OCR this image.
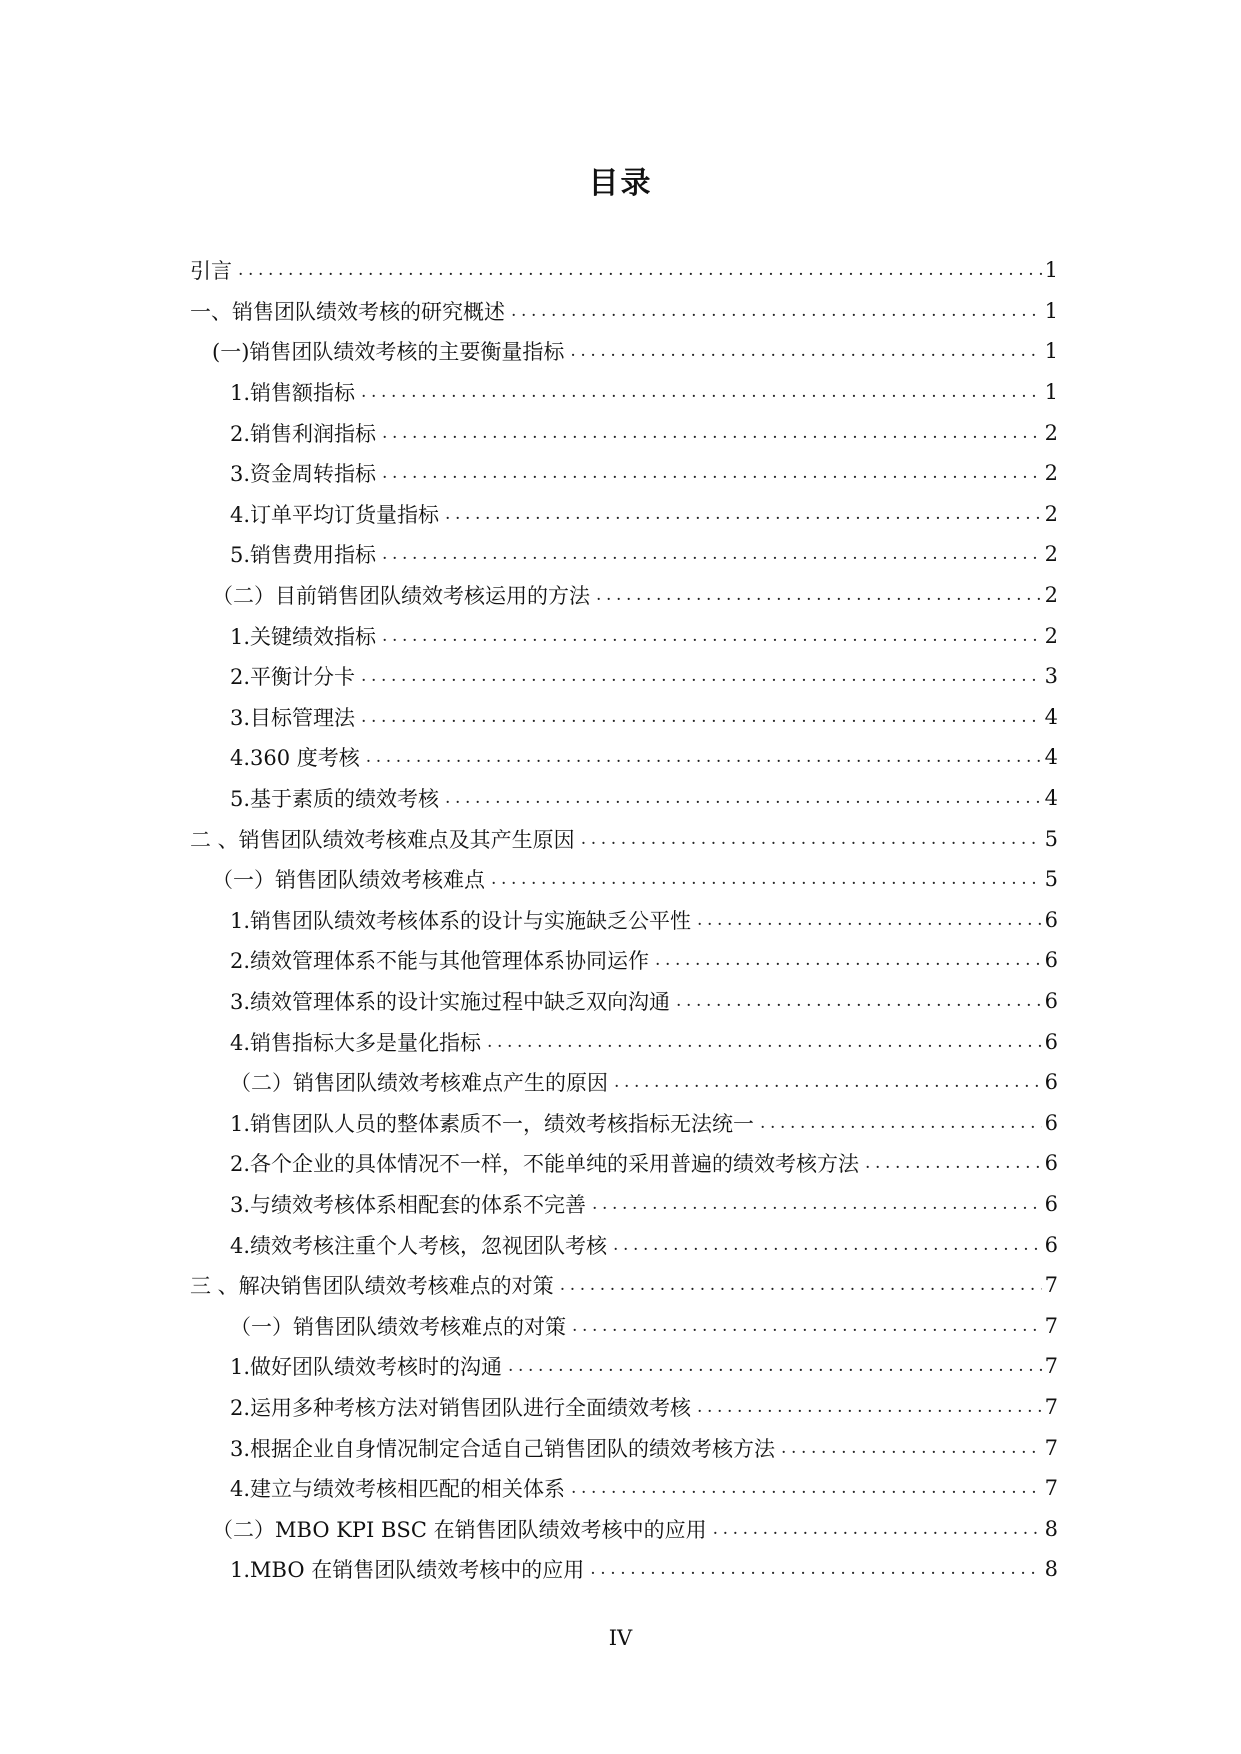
目录
引言 .....	1
一、销售团队绩效考核的研究概述 .....	1
(一)销售团队绩效考核的主要衡量指标 .....	1
1.销售额指标 .....	1
2.销售利润指标 .....	2
3.资金周转指标 .....	2
4.订单平均订货量指标 .....	2
5.销售费用指标 .....	2
（二）目前销售团队绩效考核运用的方法 .....	2
1.关键绩效指标 .....	2
2.平衡计分卡 .....	3
3.目标管理法 .....	4
4.360 度考核 .....	4
5.基于素质的绩效考核 .....	4
二 、销售团队绩效考核难点及其产生原因 .....	5
（一）销售团队绩效考核难点 .....	5
1.销售团队绩效考核体系的设计与实施缺乏公平性 .....	6
2.绩效管理体系不能与其他管理体系协同运作 .....	6
3.绩效管理体系的设计实施过程中缺乏双向沟通 .....	6
4.销售指标大多是量化指标 .....	6
（二）销售团队绩效考核难点产生的原因 .....	6
1.销售团队人员的整体素质不一，绩效考核指标无法统一 .....	6
2.各个企业的具体情况不一样，不能单纯的采用普遍的绩效考核方法 .....	6
3.与绩效考核体系相配套的体系不完善 .....	6
4.绩效考核注重个人考核，忽视团队考核 .....	6
三 、解决销售团队绩效考核难点的对策 .....	7
（一）销售团队绩效考核难点的对策 .....	7
1.做好团队绩效考核时的沟通 .....	7
2.运用多种考核方法对销售团队进行全面绩效考核 .....	7
3.根据企业自身情况制定合适自己销售团队的绩效考核方法 .....	7
4.建立与绩效考核相匹配的相关体系 .....	7
（二）MBO KPI BSC 在销售团队绩效考核中的应用 .....	8
1.MBO 在销售团队绩效考核中的应用 .....	8
IV
